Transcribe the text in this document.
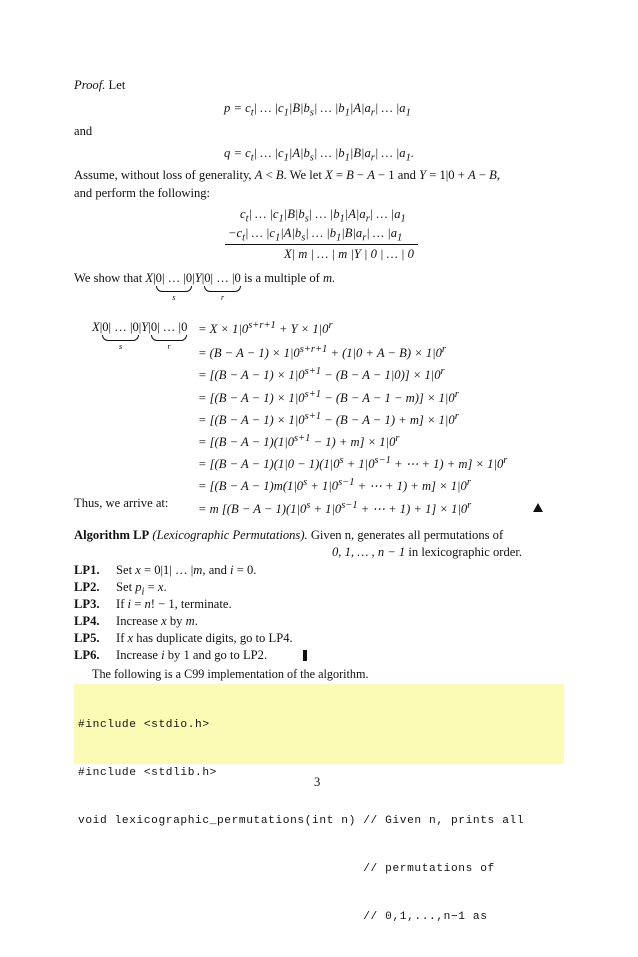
Proof. Let
$p = c_t|$ … $|c_1|B|b_s|$ … $|b_1|A|a_r|$ … $|a_1$
and
$q = c_t|$ … $|c_1|A|b_s|$ … $|b_1|B|a_r|$ … $|a_1$.
Assume, without loss of generality, A < B. We let X = B − A − 1 and Y = 1|0 + A − B,
and perform the following:
$c_t|$ … $|c_1|B|b_s|$ … $|b_1|A|a_r|$ … $|a_1$
$-c_t|$ … $|c_1|A|b_s|$ … $|b_1|B|a_r|$ … $|a_1$
X| m | … | m |Y | 0 | … | 0
We show that X|0| … |0
s
|Y|0| … |0
r
is a multiple of m.
X|0| … |0
s
|Y|0| … |0
r
= $X \times 1|0^{s+r+1} + Y \times 1|0^r$
= $(B - A - 1) \times 1|0^{s+r+1} + (1|0 + A - B) \times 1|0^r$
= $[(B - A - 1) \times 1|0^{s+1} - (B - A - 1|0)] \times 1|0^r$
= $[(B - A - 1) \times 1|0^{s+1} - (B - A - 1 - m)] \times 1|0^r$
= $[(B - A - 1) \times 1|0^{s+1} - (B - A - 1) + m] \times 1|0^r$
= $[(B - A - 1)(1|0^{s+1} - 1) + m] \times 1|0^r$
= [$(B - A - 1)(1|0 - 1)(1|0^s + 1|0^{s-1}$ + ⋯ + $1) + m] \times 1|0^r$
= [$(B - A - 1)m(1|0^s + 1|0^{s-1}$ + ⋯ + $1) + m] \times 1|0^r$
= m [$(B - A - 1)(1|0^s + 1|0^{s-1}$ + ⋯ + $1) + 1] \times 1|0^r$
Thus, we arrive at:
Algorithm LP (Lexicographic Permutations). Given n, generates all permutations of
0, 1, … , n − 1 in lexicographic order.
LP1. Set x = 0|1| … |m, and i = 0.
LP2. Set $p_i = x$.
LP3. If i = n! − 1, terminate.
LP4. Increase x by m.
LP5. If x has duplicate digits, go to LP4.
LP6. Increase i by 1 and go to LP2.
The following is a C99 implementation of the algorithm.

#include <stdio.h>

#include <stdlib.h>

void lexicographic_permutations(int n) // Given n, prints all

// permutations of

// 0,1,...,n−1 as

3
